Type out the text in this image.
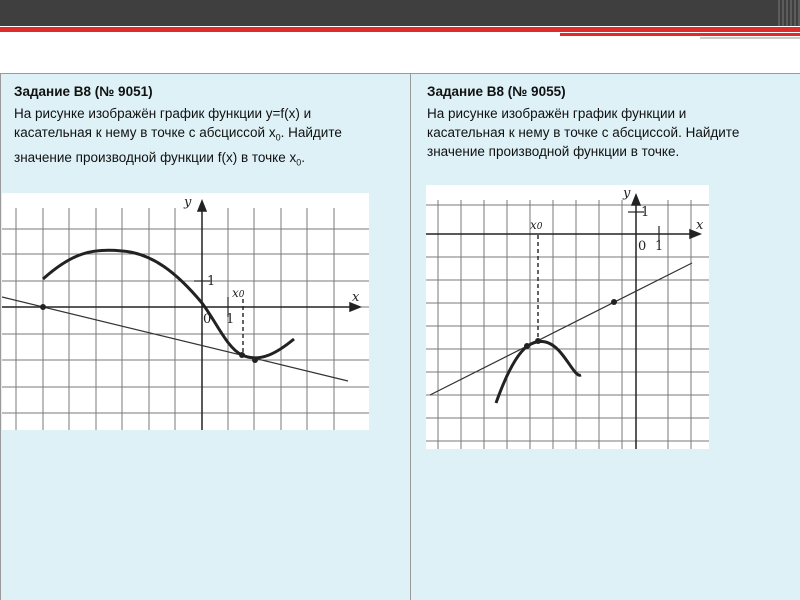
Задание В8 (№ 9051)
На рисунке изображён график функции y=f(x) и
касательная к нему в точке с абсциссой $x_0$. Найдите
значение производной функции f(x) в точке $x_0$.
Задание В8 (№ 9055)
На рисунке изображён график функции и
касательная к нему в точке с абсциссой. Найдите
значение производной функции в точке.
y
x
1
0 1
x0
y
x
1
0 1
x0
